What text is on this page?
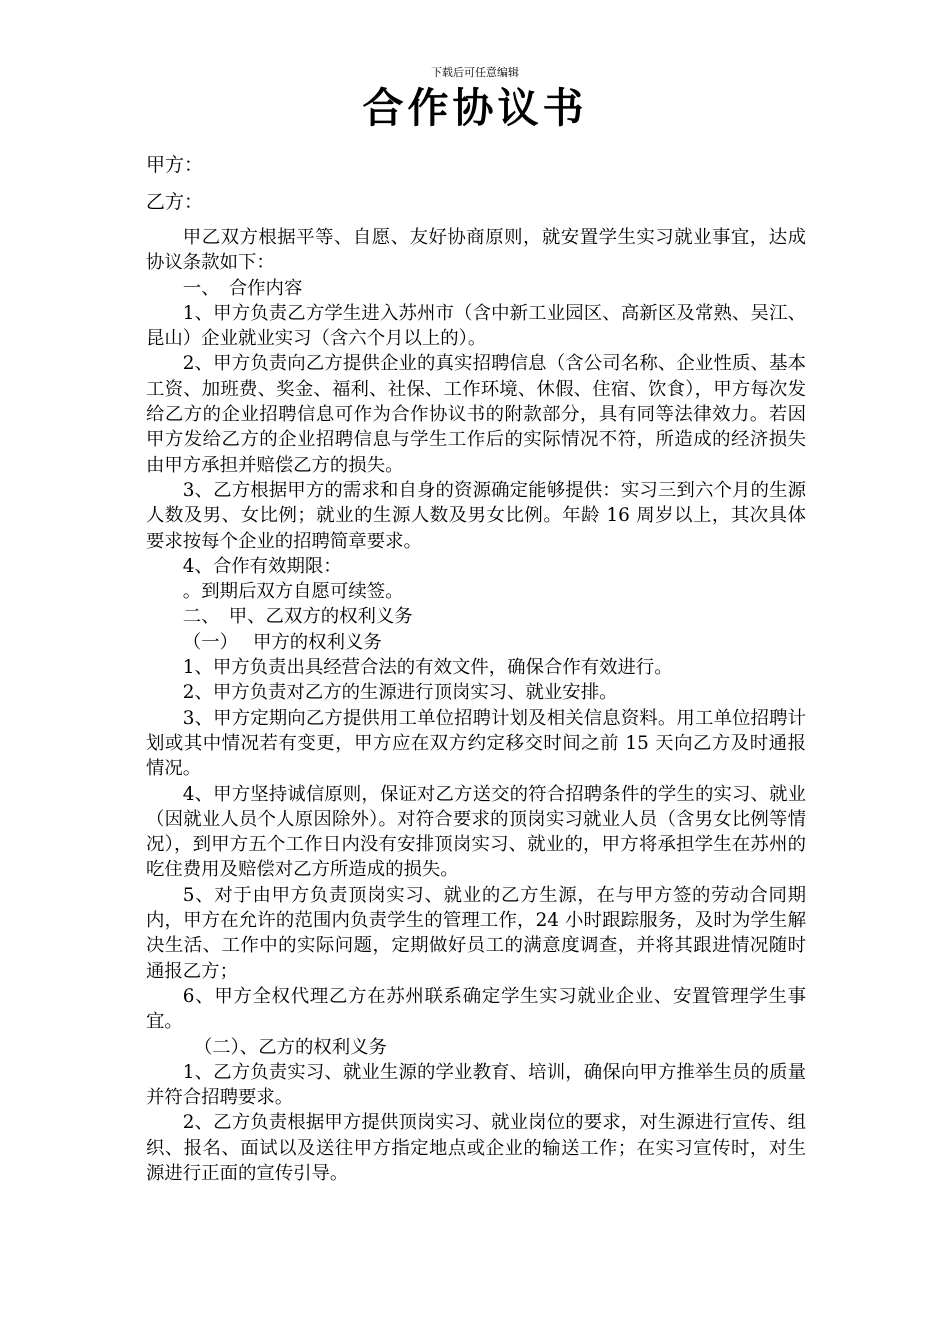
下载后可任意编辑
合作协议书
甲方：
乙方：

甲乙双方根据平等、自愿、友好协商原则，就安置学生实习就业事宜，达成协议条款如下：

一、　合作内容

1、甲方负责乙方学生进入苏州市（含中新工业园区、高新区及常熟、吴江、昆山）企业就业实习（含六个月以上的）。

2、甲方负责向乙方提供企业的真实招聘信息（含公司名称、企业性质、基本工资、加班费、奖金、福利、社保、工作环境、休假、住宿、饮食），甲方每次发给乙方的企业招聘信息可作为合作协议书的附款部分，具有同等法律效力。若因甲方发给乙方的企业招聘信息与学生工作后的实际情况不符，所造成的经济损失由甲方承担并赔偿乙方的损失。

3、乙方根据甲方的需求和自身的资源确定能够提供：实习三到六个月的生源人数及男、女比例；就业的生源人数及男女比例。年龄 16 周岁以上，其次具体要求按每个企业的招聘简章要求。

4、合作有效期限：

。到期后双方自愿可续签。

二、　甲、乙双方的权利义务

（一）　 甲方的权利义务

1、甲方负责出具经营合法的有效文件，确保合作有效进行。

2、甲方负责对乙方的生源进行顶岗实习、就业安排。

3、甲方定期向乙方提供用工单位招聘计划及相关信息资料。用工单位招聘计划或其中情况若有变更，甲方应在双方约定移交时间之前 15 天向乙方及时通报情况。

4、甲方坚持诚信原则，保证对乙方送交的符合招聘条件的学生的实习、就业（因就业人员个人原因除外）。对符合要求的顶岗实习就业人员（含男女比例等情况），到甲方五个工作日内没有安排顶岗实习、就业的，甲方将承担学生在苏州的吃住费用及赔偿对乙方所造成的损失。

5、对于由甲方负责顶岗实习、就业的乙方生源，在与甲方签的劳动合同期内，甲方在允许的范围内负责学生的管理工作，24 小时跟踪服务，及时为学生解决生活、工作中的实际问题，定期做好员工的满意度调查，并将其跟进情况随时通报乙方；

6、甲方全权代理乙方在苏州联系确定学生实习就业企业、安置管理学生事宜。

（二）、乙方的权利义务

1、乙方负责实习、就业生源的学业教育、培训，确保向甲方推举生员的质量并符合招聘要求。

2、乙方负责根据甲方提供顶岗实习、就业岗位的要求，对生源进行宣传、组织、报名、面试以及送往甲方指定地点或企业的输送工作；在实习宣传时，对生源进行正面的宣传引导。
